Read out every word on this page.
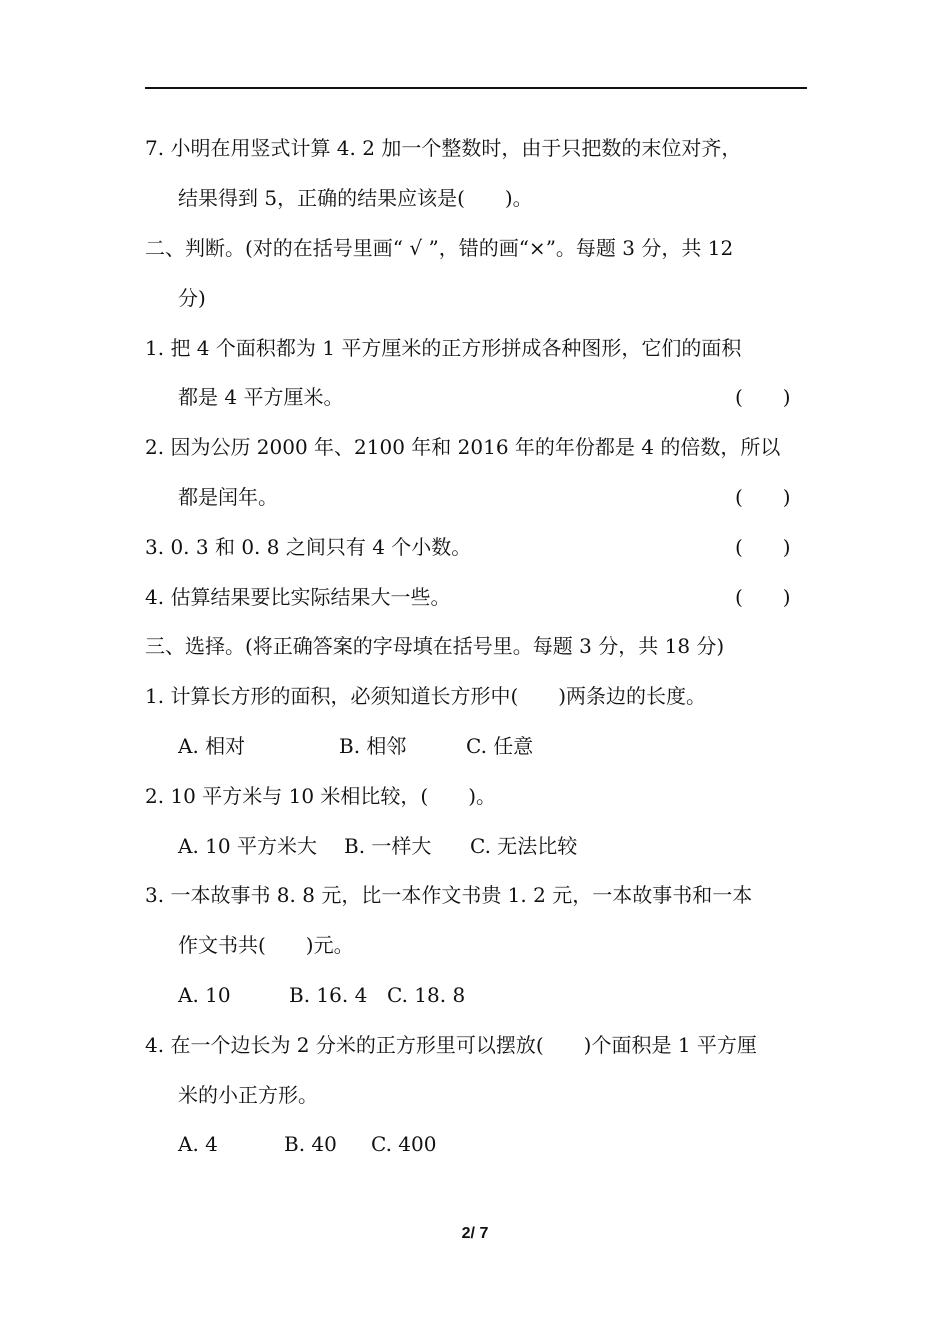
7. 小明在用竖式计算 4. 2 加一个整数时，由于只把数的末位对齐，
结果得到 5，正确的结果应该是(　　)。
二、判断。(对的在括号里画“ √ ”，错的画“×”。每题 3 分，共 12
分)
1. 把 4 个面积都为 1 平方厘米的正方形拼成各种图形，它们的面积
都是 4 平方厘米。	(　　)
2. 因为公历 2000 年、2100 年和 2016 年的年份都是 4 的倍数，所以
都是闰年。	(　　)
3. 0. 3 和 0. 8 之间只有 4 个小数。	(　　)
4. 估算结果要比实际结果大一些。	(　　)
三、选择。(将正确答案的字母填在括号里。每题 3 分，共 18 分)
1. 计算长方形的面积，必须知道长方形中(　　)两条边的长度。
A. 相对	B. 相邻	C. 任意
2. 10 平方米与 10 米相比较，(　　)。
A. 10 平方米大 B. 一样大 C. 无法比较
3. 一本故事书 8. 8 元，比一本作文书贵 1. 2 元，一本故事书和一本
作文书共(　　)元。
A. 10	B. 16. 4 C. 18. 8
4. 在一个边长为 2 分米的正方形里可以摆放(　　)个面积是 1 平方厘
米的小正方形。
A. 4	B. 40 C. 400
2/ 7
